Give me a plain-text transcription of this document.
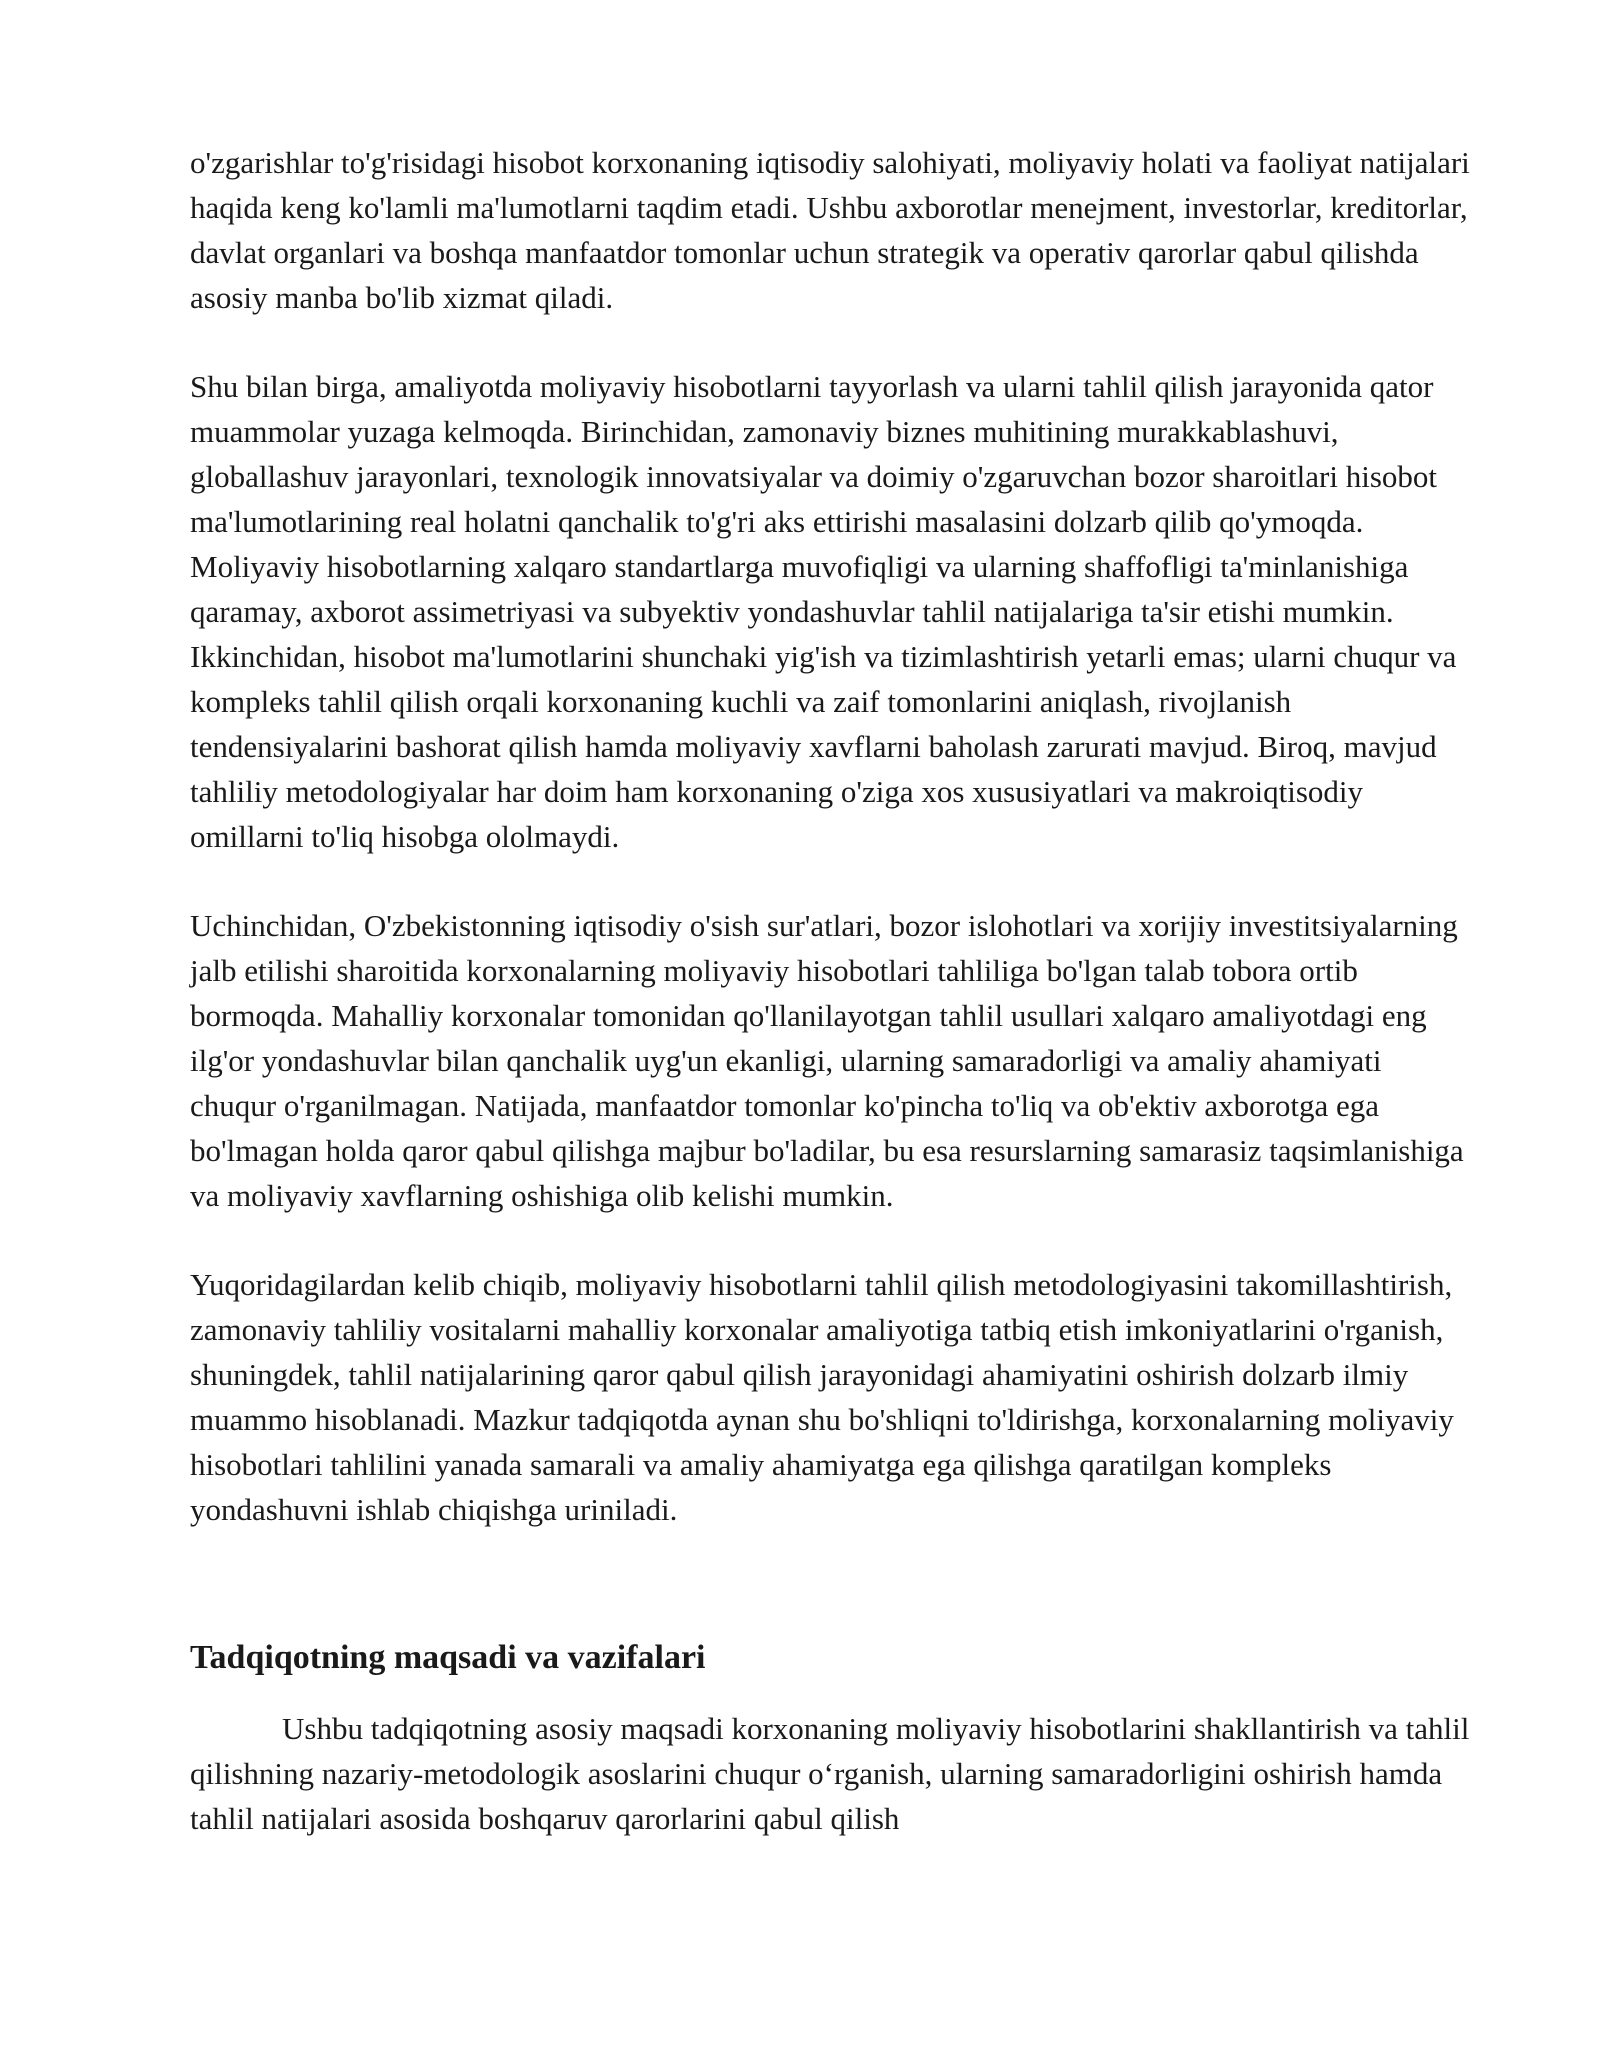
o'zgarishlar to'g'risidagi hisobot korxonaning iqtisodiy salohiyati, moliyaviy holati va faoliyat natijalari haqida keng ko'lamli ma'lumotlarni taqdim etadi. Ushbu axborotlar menejment, investorlar, kreditorlar, davlat organlari va boshqa manfaatdor tomonlar uchun strategik va operativ qarorlar qabul qilishda asosiy manba bo'lib xizmat qiladi.

Shu bilan birga, amaliyotda moliyaviy hisobotlarni tayyorlash va ularni tahlil qilish jarayonida qator muammolar yuzaga kelmoqda. Birinchidan, zamonaviy biznes muhitining murakkablashuvi, globallashuv jarayonlari, texnologik innovatsiyalar va doimiy o'zgaruvchan bozor sharoitlari hisobot ma'lumotlarining real holatni qanchalik to'g'ri aks ettirishi masalasini dolzarb qilib qo'ymoqda. Moliyaviy hisobotlarning xalqaro standartlarga muvofiqligi va ularning shaffofligi ta'minlanishiga qaramay, axborot assimetriyasi va subyektiv yondashuvlar tahlil natijalariga ta'sir etishi mumkin. Ikkinchidan, hisobot ma'lumotlarini shunchaki yig'ish va tizimlashtirish yetarli emas; ularni chuqur va kompleks tahlil qilish orqali korxonaning kuchli va zaif tomonlarini aniqlash, rivojlanish tendensiyalarini bashorat qilish hamda moliyaviy xavflarni baholash zarurati mavjud. Biroq, mavjud tahliliy metodologiyalar har doim ham korxonaning o'ziga xos xususiyatlari va makroiqtisodiy omillarni to'liq hisobga ololmaydi.

Uchinchidan, O'zbekistonning iqtisodiy o'sish sur'atlari, bozor islohotlari va xorijiy investitsiyalarning jalb etilishi sharoitida korxonalarning moliyaviy hisobotlari tahliliga bo'lgan talab tobora ortib bormoqda. Mahalliy korxonalar tomonidan qo'llanilayotgan tahlil usullari xalqaro amaliyotdagi eng ilg'or yondashuvlar bilan qanchalik uyg'un ekanligi, ularning samaradorligi va amaliy ahamiyati chuqur o'rganilmagan. Natijada, manfaatdor tomonlar ko'pincha to'liq va ob'ektiv axborotga ega bo'lmagan holda qaror qabul qilishga majbur bo'ladilar, bu esa resurslarning samarasiz taqsimlanishiga va moliyaviy xavflarning oshishiga olib kelishi mumkin.

Yuqoridagilardan kelib chiqib, moliyaviy hisobotlarni tahlil qilish metodologiyasini takomillashtirish, zamonaviy tahliliy vositalarni mahalliy korxonalar amaliyotiga tatbiq etish imkoniyatlarini o'rganish, shuningdek, tahlil natijalarining qaror qabul qilish jarayonidagi ahamiyatini oshirish dolzarb ilmiy muammo hisoblanadi. Mazkur tadqiqotda aynan shu bo'shliqni to'ldirishga, korxonalarning moliyaviy hisobotlari tahlilini yanada samarali va amaliy ahamiyatga ega qilishga qaratilgan kompleks yondashuvni ishlab chiqishga uriniladi.

Tadqiqotning maqsadi va vazifalari

Ushbu tadqiqotning asosiy maqsadi korxonaning moliyaviy hisobotlarini shakllantirish va tahlil qilishning nazariy-metodologik asoslarini chuqur o‘rganish, ularning samaradorligini oshirish hamda tahlil natijalari asosida boshqaruv qarorlarini qabul qilish
